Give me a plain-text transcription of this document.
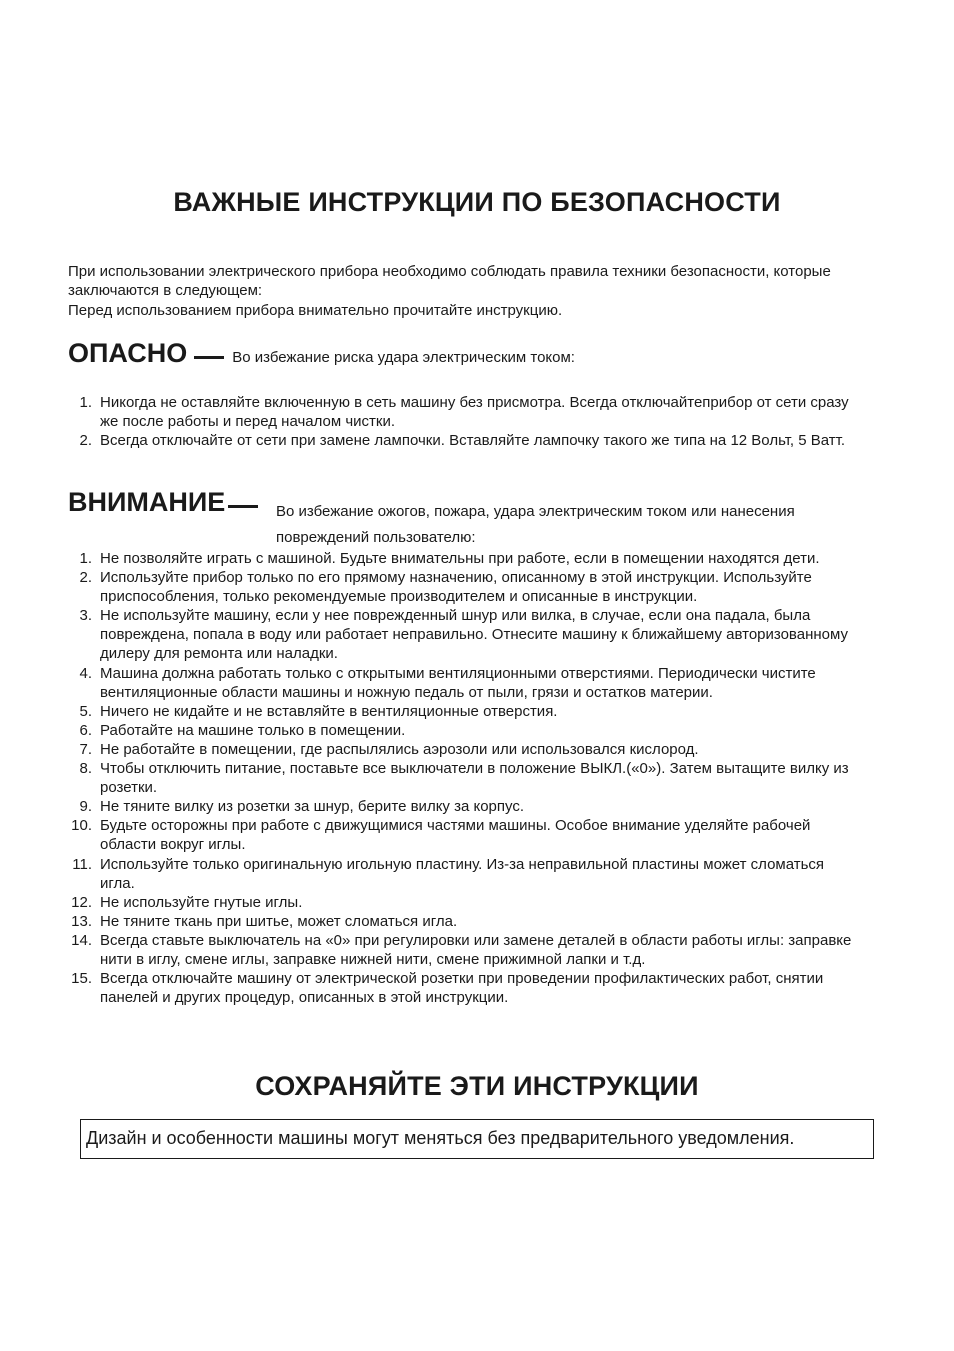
ВАЖНЫЕ ИНСТРУКЦИИ ПО БЕЗОПАСНОСТИ

При использовании электрического прибора необходимо соблюдать правила техники безопасности, которые заключаются в следующем:

Перед использованием прибора внимательно прочитайте инструкцию.

ОПАСНО	Во избежание риска удара электрическим током:
1. Никогда не оставляйте включенную в сеть машину без присмотра. Всегда отключайтеприбор от сети сразу же после работы и перед началом чистки.
2. Всегда отключайте от сети при замене лампочки. Вставляйте лампочку такого же типа на 12 Вольт, 5 Ватт.
ВНИМАНИЕ	Во избежание ожогов, пожара, удара электрическим током или нанесения повреждений пользователю:
1. Не позволяйте играть с машиной. Будьте внимательны при работе, если в помещении находятся дети.
2. Используйте прибор только по его прямому назначению, описанному в этой инструкции. Используйте приспособления, только рекомендуемые производителем и описанные в инструкции.
3. Не используйте машину, если у нее поврежденный шнур или вилка, в случае, если она падала, была повреждена, попала в воду или работает неправильно. Отнесите машину к ближайшему авторизованному дилеру для ремонта или наладки.
4. Машина должна работать только с открытыми вентиляционными отверстиями. Периодически чистите вентиляционные области машины и ножную педаль от пыли, грязи и остатков материи.
5. Ничего не кидайте и не вставляйте в вентиляционные отверстия.
6. Работайте на машине только в помещении.
7. Не работайте в помещении, где распылялись аэрозоли или использовался кислород.
8. Чтобы отключить питание, поставьте все выключатели в положение ВЫКЛ.(«0»). Затем вытащите вилку из розетки.
9. Не тяните вилку из розетки за шнур, берите вилку за корпус.
10. Будьте осторожны при работе с движущимися частями машины. Особое внимание уделяйте рабочей области вокруг иглы.
11. Используйте только оригинальную игольную пластину. Из-за неправильной пластины может сломаться игла.
12. Не используйте гнутые иглы.
13. Не тяните ткань при шитье, может сломаться игла.
14. Всегда ставьте выключатель на «0» при регулировки или замене деталей в области работы иглы: заправке нити в иглу, смене иглы, заправке нижней нити, смене прижимной лапки и т.д.
15. Всегда отключайте машину от электрической розетки при проведении профилактических работ, снятии панелей и других процедур, описанных в этой инструкции.
СОХРАНЯЙТЕ ЭТИ ИНСТРУКЦИИ
Дизайн и особенности машины могут меняться без предварительного уведомления.
